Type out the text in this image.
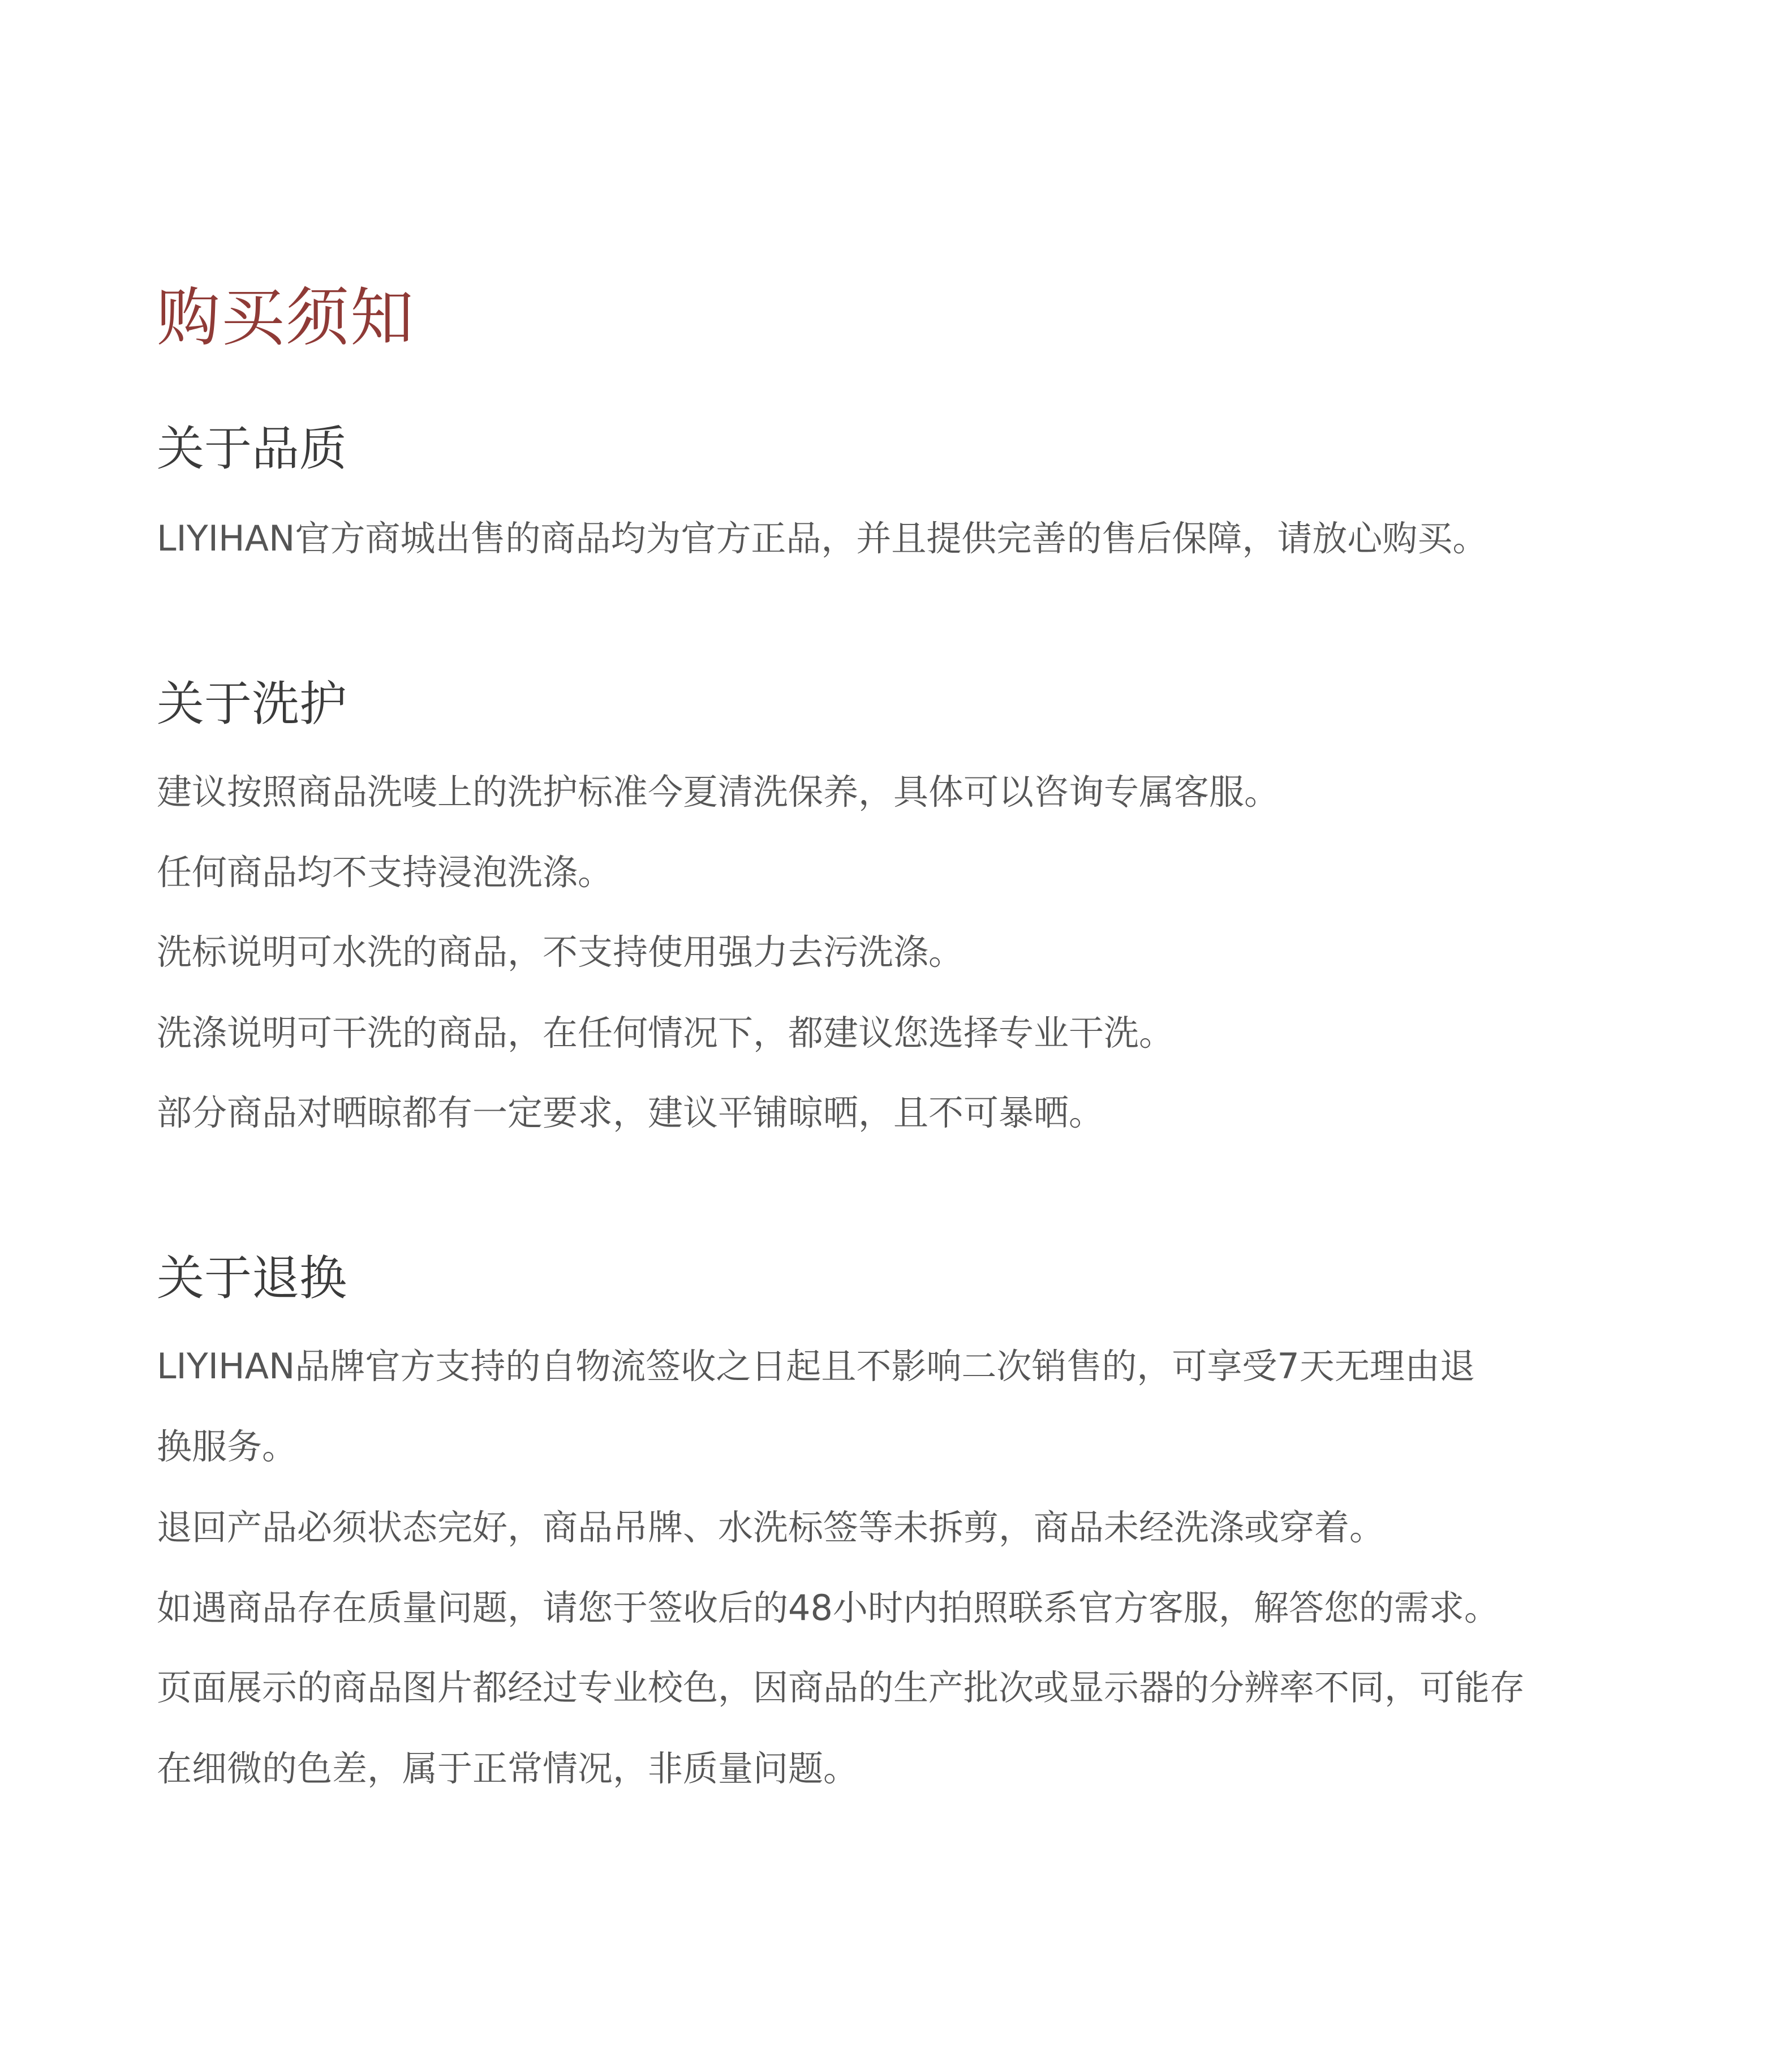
购买须知
关于品质

LIYIHAN官方商城出售的商品均为官方正品，并且提供完善的售后保障，请放心购买。

关于洗护

建议按照商品洗唛上的洗护标准今夏清洗保养，具体可以咨询专属客服。

任何商品均不支持浸泡洗涤。

洗标说明可水洗的商品，不支持使用强力去污洗涤。

洗涤说明可干洗的商品，在任何情况下，都建议您选择专业干洗。

部分商品对晒晾都有一定要求，建议平铺晾晒，且不可暴晒。

关于退换

LIYIHAN品牌官方支持的自物流签收之日起且不影响二次销售的，可享受7天无理由退

换服务。

退回产品必须状态完好，商品吊牌、水洗标签等未拆剪，商品未经洗涤或穿着。

如遇商品存在质量问题，请您于签收后的48小时内拍照联系官方客服，解答您的需求。

页面展示的商品图片都经过专业校色，因商品的生产批次或显示器的分辨率不同，可能存

在细微的色差，属于正常情况，非质量问题。
